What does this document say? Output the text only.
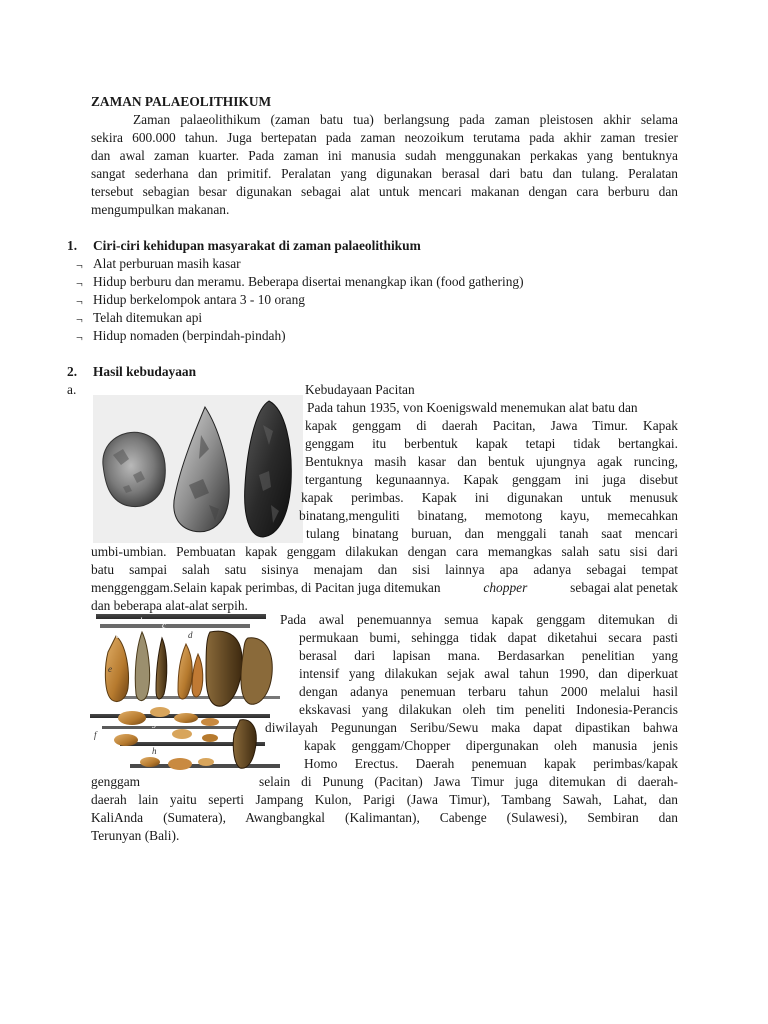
ZAMAN PALAEOLITHIKUM
Zaman palaeolithikum (zaman batu tua) berlangsung pada zaman pleistosen akhir selama
sekira 600.000 tahun. Juga bertepatan pada zaman neozoikum terutama pada akhir zaman tresier
dan awal zaman kuarter. Pada zaman ini manusia sudah menggunakan perkakas yang bentuknya
sangat sederhana dan primitif. Peralatan yang digunakan berasal dari batu dan tulang. Peralatan
tersebut sebagian besar digunakan sebagai alat untuk mencari makanan dengan cara berburu dan
mengumpulkan makanan.
1. Ciri-ciri kehidupan masyarakat di zaman palaeolithikum
¬ Alat perburuan masih kasar
¬ Hidup berburu dan meramu. Beberapa disertai menangkap ikan (food gathering)
¬ Hidup berkelompok antara 3 - 10 orang
¬ Telah ditemukan api
¬ Hidup nomaden (berpindah-pindah)
2. Hasil kebudayaan
a.	Kebudayaan Pacitan
Pada tahun 1935, von Koenigswald menemukan alat batu dan
kapak genggam di daerah Pacitan, Jawa Timur. Kapak
genggam itu berbentuk kapak tetapi tidak bertangkai.
Bentuknya masih kasar dan bentuk ujungnya agak runcing,
tergantung kegunaannya. Kapak genggam ini juga disebut
kapak perimbas. Kapak ini digunakan untuk menusuk
binatang,menguliti binatang, memotong kayu, memecahkan
tulang binatang buruan, dan menggali tanah saat mencari
umbi-umbian. Pembuatan kapak genggam dilakukan dengan cara memangkas salah satu sisi dari
batu sampai salah satu sisinya menajam dan sisi lainnya apa adanya sebagai tempat
menggenggam.Selain kapak perimbas, di Pacitan juga ditemukan	chopper	sebagai alat penetak
dan beberapa alat-alat serpih.
a
b c
d
e
f
g
h
Pada awal penemuannya semua kapak genggam ditemukan di
permukaan bumi, sehingga tidak dapat diketahui secara pasti
berasal dari lapisan mana. Berdasarkan penelitian yang
intensif yang dilakukan sejak awal tahun 1990, dan diperkuat
dengan adanya penemuan terbaru tahun 2000 melalui hasil
ekskavasi yang dilakukan oleh tim peneliti Indonesia-Perancis
diwilayah Pegunungan Seribu/Sewu maka dapat dipastikan bahwa
kapak genggam/Chopper dipergunakan oleh manusia jenis
Homo Erectus. Daerah penemuan kapak perimbas/kapak
genggam	selain di Punung (Pacitan) Jawa Timur juga ditemukan di daerah-
daerah lain yaitu seperti Jampang Kulon, Parigi (Jawa Timur), Tambang Sawah, Lahat, dan
KaliAnda (Sumatera), Awangbangkal (Kalimantan), Cabenge (Sulawesi), Sembiran dan
Terunyan (Bali).
